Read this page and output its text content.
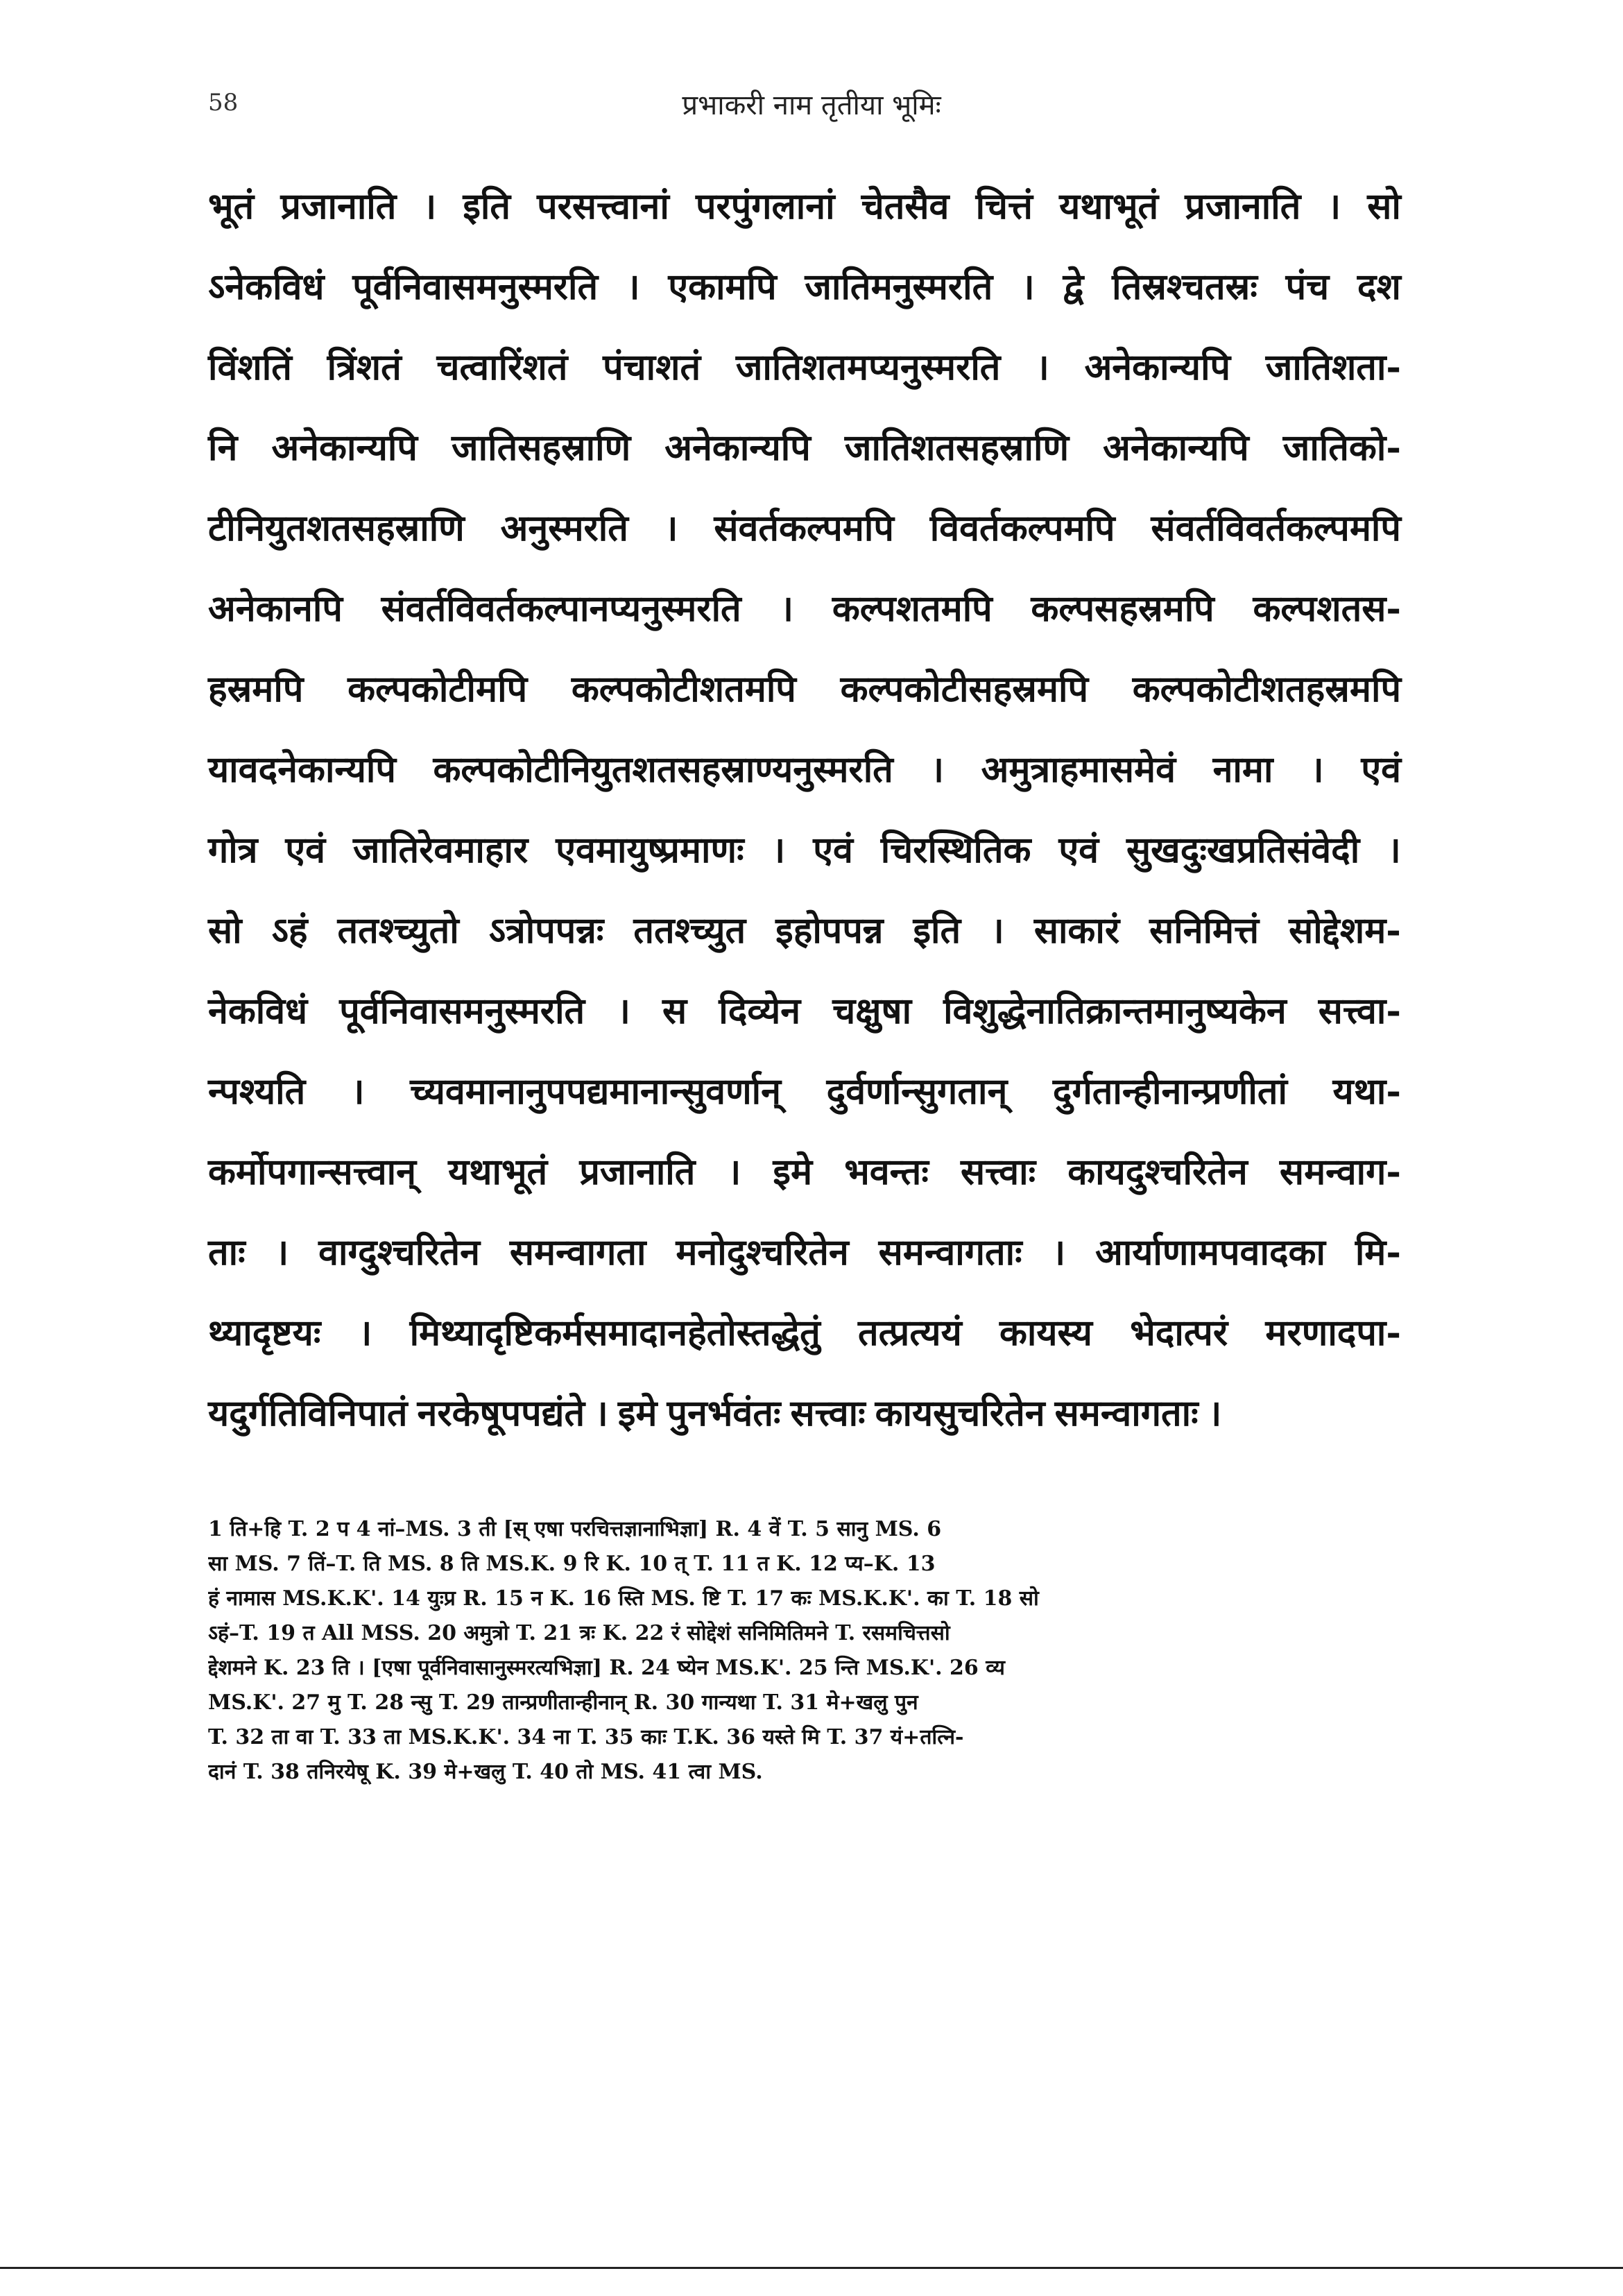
58	प्रभाकरी नाम तृतीया भूमिः
भूतं प्रजानाति । इति परसत्त्वानां परपुंगलानां चेतसैव चित्तं यथाभूतं प्रजानाति । सो
ऽनेकविधं पूर्वनिवासमनुस्मरति । एकामपि जातिमनुस्मरति । द्वे तिस्रश्चतस्रः पंच दश
विंशतिं त्रिंशतं चत्वारिंशतं पंचाशतं जातिशतमप्यनुस्मरति । अनेकान्यपि जातिशता-
नि अनेकान्यपि जातिसहस्राणि अनेकान्यपि जातिशतसहस्राणि अनेकान्यपि जातिको-
टीनियुतशतसहस्राणि अनुस्मरति । संवर्तकल्पमपि विवर्तकल्पमपि संवर्तविवर्तकल्पमपि
अनेकानपि संवर्तविवर्तकल्पानप्यनुस्मरति । कल्पशतमपि कल्पसहस्रमपि कल्पशतस-
हस्रमपि कल्पकोटीमपि कल्पकोटीशतमपि कल्पकोटीसहस्रमपि कल्पकोटीशतहस्रमपि
यावदनेकान्यपि कल्पकोटीनियुतशतसहस्राण्यनुस्मरति । अमुत्राहमासमेवं नामा । एवं
गोत्र एवं जातिरेवमाहार एवमायुष्प्रमाणः । एवं चिरस्थितिक एवं सुखदुःखप्रतिसंवेदी ।
सो ऽहं ततश्च्युतो ऽत्रोपपन्नः ततश्च्युत इहोपपन्न इति । साकारं सनिमित्तं सोद्देशम-
नेकविधं पूर्वनिवासमनुस्मरति । स दिव्येन चक्षुषा विशुद्धेनातिक्रान्तमानुष्यकेन सत्त्वा-
न्पश्यति । च्यवमानानुपपद्यमानान्सुवर्णान् दुर्वर्णान्सुगतान् दुर्गतान्हीनान्प्रणीतां यथा-
कर्मोपगान्सत्त्वान् यथाभूतं प्रजानाति । इमे भवन्तः सत्त्वाः कायदुश्चरितेन समन्वाग-
ताः । वाग्दुश्चरितेन समन्वागता मनोदुश्चरितेन समन्वागताः । आर्याणामपवादका मि-
थ्यादृष्टयः । मिथ्यादृष्टिकर्मसमादानहेतोस्तद्धेतुं तत्प्रत्ययं कायस्य भेदात्परं मरणादपा-
यदुर्गतिविनिपातं नरकेषूपपद्यंते । इमे पुनर्भवंतः सत्त्वाः कायसुचरितेन समन्वागताः ।
1 ति+हि T. 2 प 4 नां–MS. 3 ती [स् एषा परचित्तज्ञानाभिज्ञा] R. 4 वें T. 5 सानु MS. 6
सा MS. 7 तिं–T. ति MS. 8 ति MS.K. 9 रि K. 10 त् T. 11 त K. 12 प्य–K. 13
हं नामास MS.K.K'. 14 युःप्र R. 15 न K. 16 स्ति MS. ष्टि T. 17 कः MS.K.K'. का T. 18 सो
ऽहं–T. 19 त All MSS. 20 अमुत्रो T. 21 त्रः K. 22 रं सोद्देशं सनिमितिमने T. रसमचित्तसो
द्देशमने K. 23 ति । [एषा पूर्वनिवासानुस्मरत्यभिज्ञा] R. 24 ष्येन MS.K'. 25 न्ति MS.K'. 26 व्य
MS.K'. 27 मु T. 28 न्सु T. 29 तान्प्रणीतान्हीनान् R. 30 गान्यथा T. 31 मे+खलु पुन
T. 32 ता वा T. 33 ता MS.K.K'. 34 ना T. 35 काः T.K. 36 यस्ते मि T. 37 यं+तत्नि-
दानं T. 38 तनिरयेषू K. 39 मे+खलु T. 40 तो MS. 41 त्वा MS.
